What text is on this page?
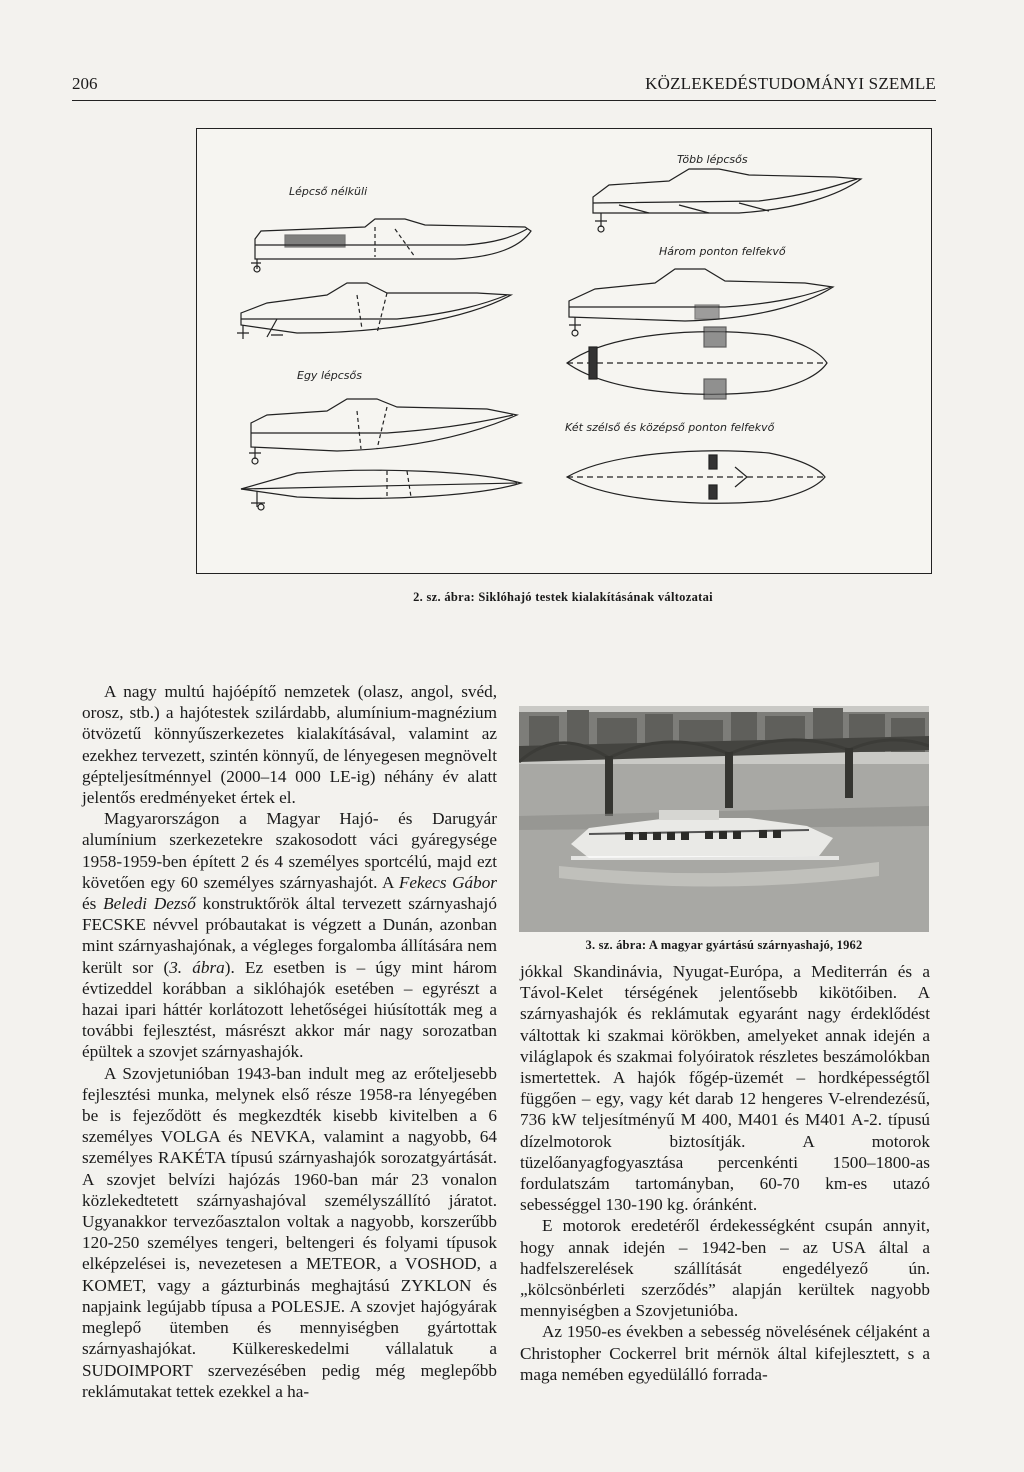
206	KÖZLEKEDÉSTUDOMÁNYI SZEMLE
Lépcső nélküli
Több lépcsős
Három ponton felfekvő
Egy lépcsős
Két szélső és középső ponton felfekvő
2. sz. ábra: Siklóhajó testek kialakításának változatai
3. sz. ábra: A magyar gyártású szárnyashajó, 1962

A nagy multú hajóépítő nemzetek (olasz, angol, svéd, orosz, stb.) a hajótestek szilárdabb, alumínium-magnézium ötvözetű könnyűszerkezetes kialakításával, valamint az ezekhez tervezett, szintén könnyű, de lényegesen megnövelt gépteljesítménnyel (2000–14 000 LE-ig) néhány év alatt jelentős eredményeket értek el.

Magyarországon a Magyar Hajó- és Darugyár alumínium szerkezetekre szakosodott váci gyáregysége 1958-1959-ben épített 2 és 4 személyes sportcélú, majd ezt követően egy 60 személyes szárnyashajót. A Fekecs Gábor és Beledi Dezső konstruktőrök által tervezett szárnyashajó FECSKE névvel próbautakat is végzett a Dunán, azonban mint szárnyashajónak, a végleges forgalomba állítására nem került sor (3. ábra). Ez esetben is – úgy mint három évtizeddel korábban a siklóhajók esetében – egyrészt a hazai ipari háttér korlátozott lehetőségei hiúsították meg a további fejlesztést, másrészt akkor már nagy sorozatban épültek a szovjet szárnyashajók.

A Szovjetunióban 1943-ban indult meg az erőteljesebb fejlesztési munka, melynek első része 1958-ra lényegében be is fejeződött és megkezdték kisebb kivitelben a 6 személyes VOLGA és NEVKA, valamint a nagyobb, 64 személyes RAKÉTA típusú szárnyashajók sorozatgyártását. A szovjet belvízi hajózás 1960-ban már 23 vonalon közlekedtetett szárnyashajóval személyszállító járatot. Ugyanakkor tervezőasztalon voltak a nagyobb, korszerűbb 120-250 személyes tengeri, beltengeri és folyami típusok elképzelései is, nevezetesen a METEOR, a VOSHOD, a KOMET, vagy a gázturbinás meghajtású ZYKLON és napjaink legújabb típusa a POLESJE. A szovjet hajógyárak meglepő ütemben és mennyiségben gyártottak szárnyashajókat. Külkereskedelmi vállalatuk a SUDOIMPORT szervezésében pedig még meglepőbb reklámutakat tettek ezekkel a ha-

jókkal Skandinávia, Nyugat-Európa, a Mediterrán és a Távol-Kelet térségének jelentősebb kikötőiben. A szárnyashajók és reklámutak egyaránt nagy érdeklődést váltottak ki szakmai körökben, amelyeket annak idején a világlapok és szakmai folyóiratok részletes beszámolókban ismertettek. A hajók főgép-üzemét – hordképességtől függően – egy, vagy két darab 12 hengeres V-elrendezésű, 736 kW teljesítményű M 400, M401 és M401 A-2. típusú dízelmotorok biztosítják. A motorok tüzelőanyagfogyasztása percenkénti 1500–1800-as fordulatszám tartományban, 60-70 km-es utazó sebességgel 130-190 kg. óránként.

E motorok eredetéről érdekességként csupán annyit, hogy annak idején – 1942-ben – az USA által a hadfelszerelések szállítását engedélyező ún. „kölcsönbérleti szerződés” alapján kerültek nagyobb mennyiségben a Szovjetunióba.

Az 1950-es években a sebesség növelésének céljaként a Christopher Cockerrel brit mérnök által kifejlesztett, s a maga nemében egyedülálló forrada-
